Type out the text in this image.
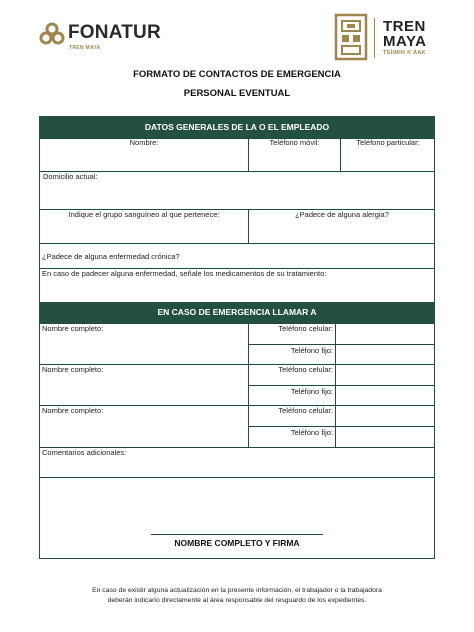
FONATUR
TREN MAYA
TREN
MAYA
TSÍIMIN K'ÁAK
FORMATO DE CONTACTOS DE EMERGENCIA
PERSONAL EVENTUAL
DATOS GENERALES DE LA O EL EMPLEADO
Nombre:	Teléfono móvil:	Teléfono particular:
Domicilio actual:
Indique el grupo sanguíneo al que pertenece:	¿Padece de alguna alergia?
¿Padece de alguna enfermedad crónica?
En caso de padecer alguna enfermedad, señale los medicamentos de su tratamiento:
EN CASO DE EMERGENCIA LLAMAR A
Nombre completo:	Teléfono celular:
Teléfono fijo:
Nombre completo:	Teléfono celular:
Teléfono fijo:
Nombre completo:	Teléfono celular:
Teléfono fijo:
Comentarios adicionales:
NOMBRE COMPLETO Y FIRMA
En caso de existir alguna actualización en la presente información, el trabajador o la trabajadora
deberán indicarlo directamente al área responsable del resguardo de los expedientes.
